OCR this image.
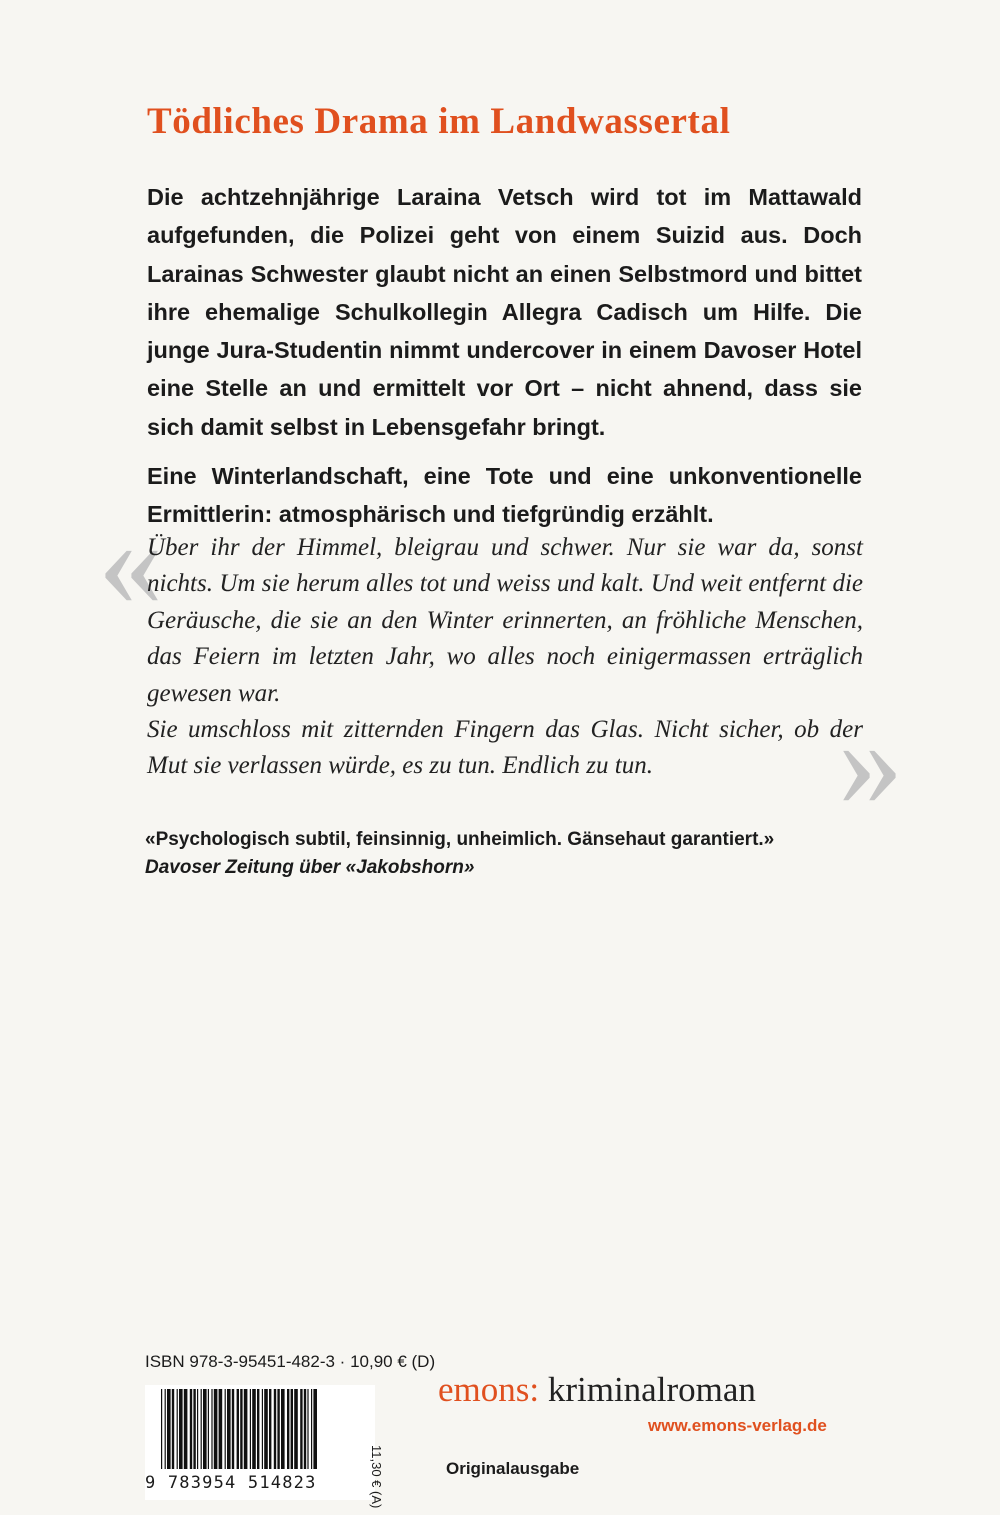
Tödliches Drama im Landwassertal

Die achtzehnjährige Laraina Vetsch wird tot im Mattawald aufgefunden, die Polizei geht von einem Suizid aus. Doch Larainas Schwester glaubt nicht an einen Selbstmord und bittet ihre ehemalige Schulkollegin Allegra Cadisch um Hilfe. Die junge Jura-Studentin nimmt undercover in einem Davoser Hotel eine Stelle an und ermittelt vor Ort – nicht ahnend, dass sie sich damit selbst in Lebensgefahr bringt.

Eine Winterlandschaft, eine Tote und eine unkonventionelle Ermittlerin: atmosphärisch und tiefgründig erzählt.

«
Über ihr der Himmel, bleigrau und schwer. Nur sie war da, sonst nichts. Um sie herum alles tot und weiss und kalt. Und weit entfernt die Geräusche, die sie an den Winter erinnerten, an fröhliche Menschen, das Feiern im letzten Jahr, wo alles noch einigermassen erträglich gewesen war.
Sie umschloss mit zitternden Fingern das Glas. Nicht sicher, ob der Mut sie verlassen würde, es zu tun. Endlich zu tun.	»
«Psychologisch subtil, feinsinnig, unheimlich. Gänsehaut garantiert.»
Davoser Zeitung über «Jakobshorn»
ISBN 978-3-95451-482-3 · 10,90 € (D)
9 783954 514823	11,30 € (A)
emons: kriminalroman
www.emons-verlag.de
Originalausgabe
